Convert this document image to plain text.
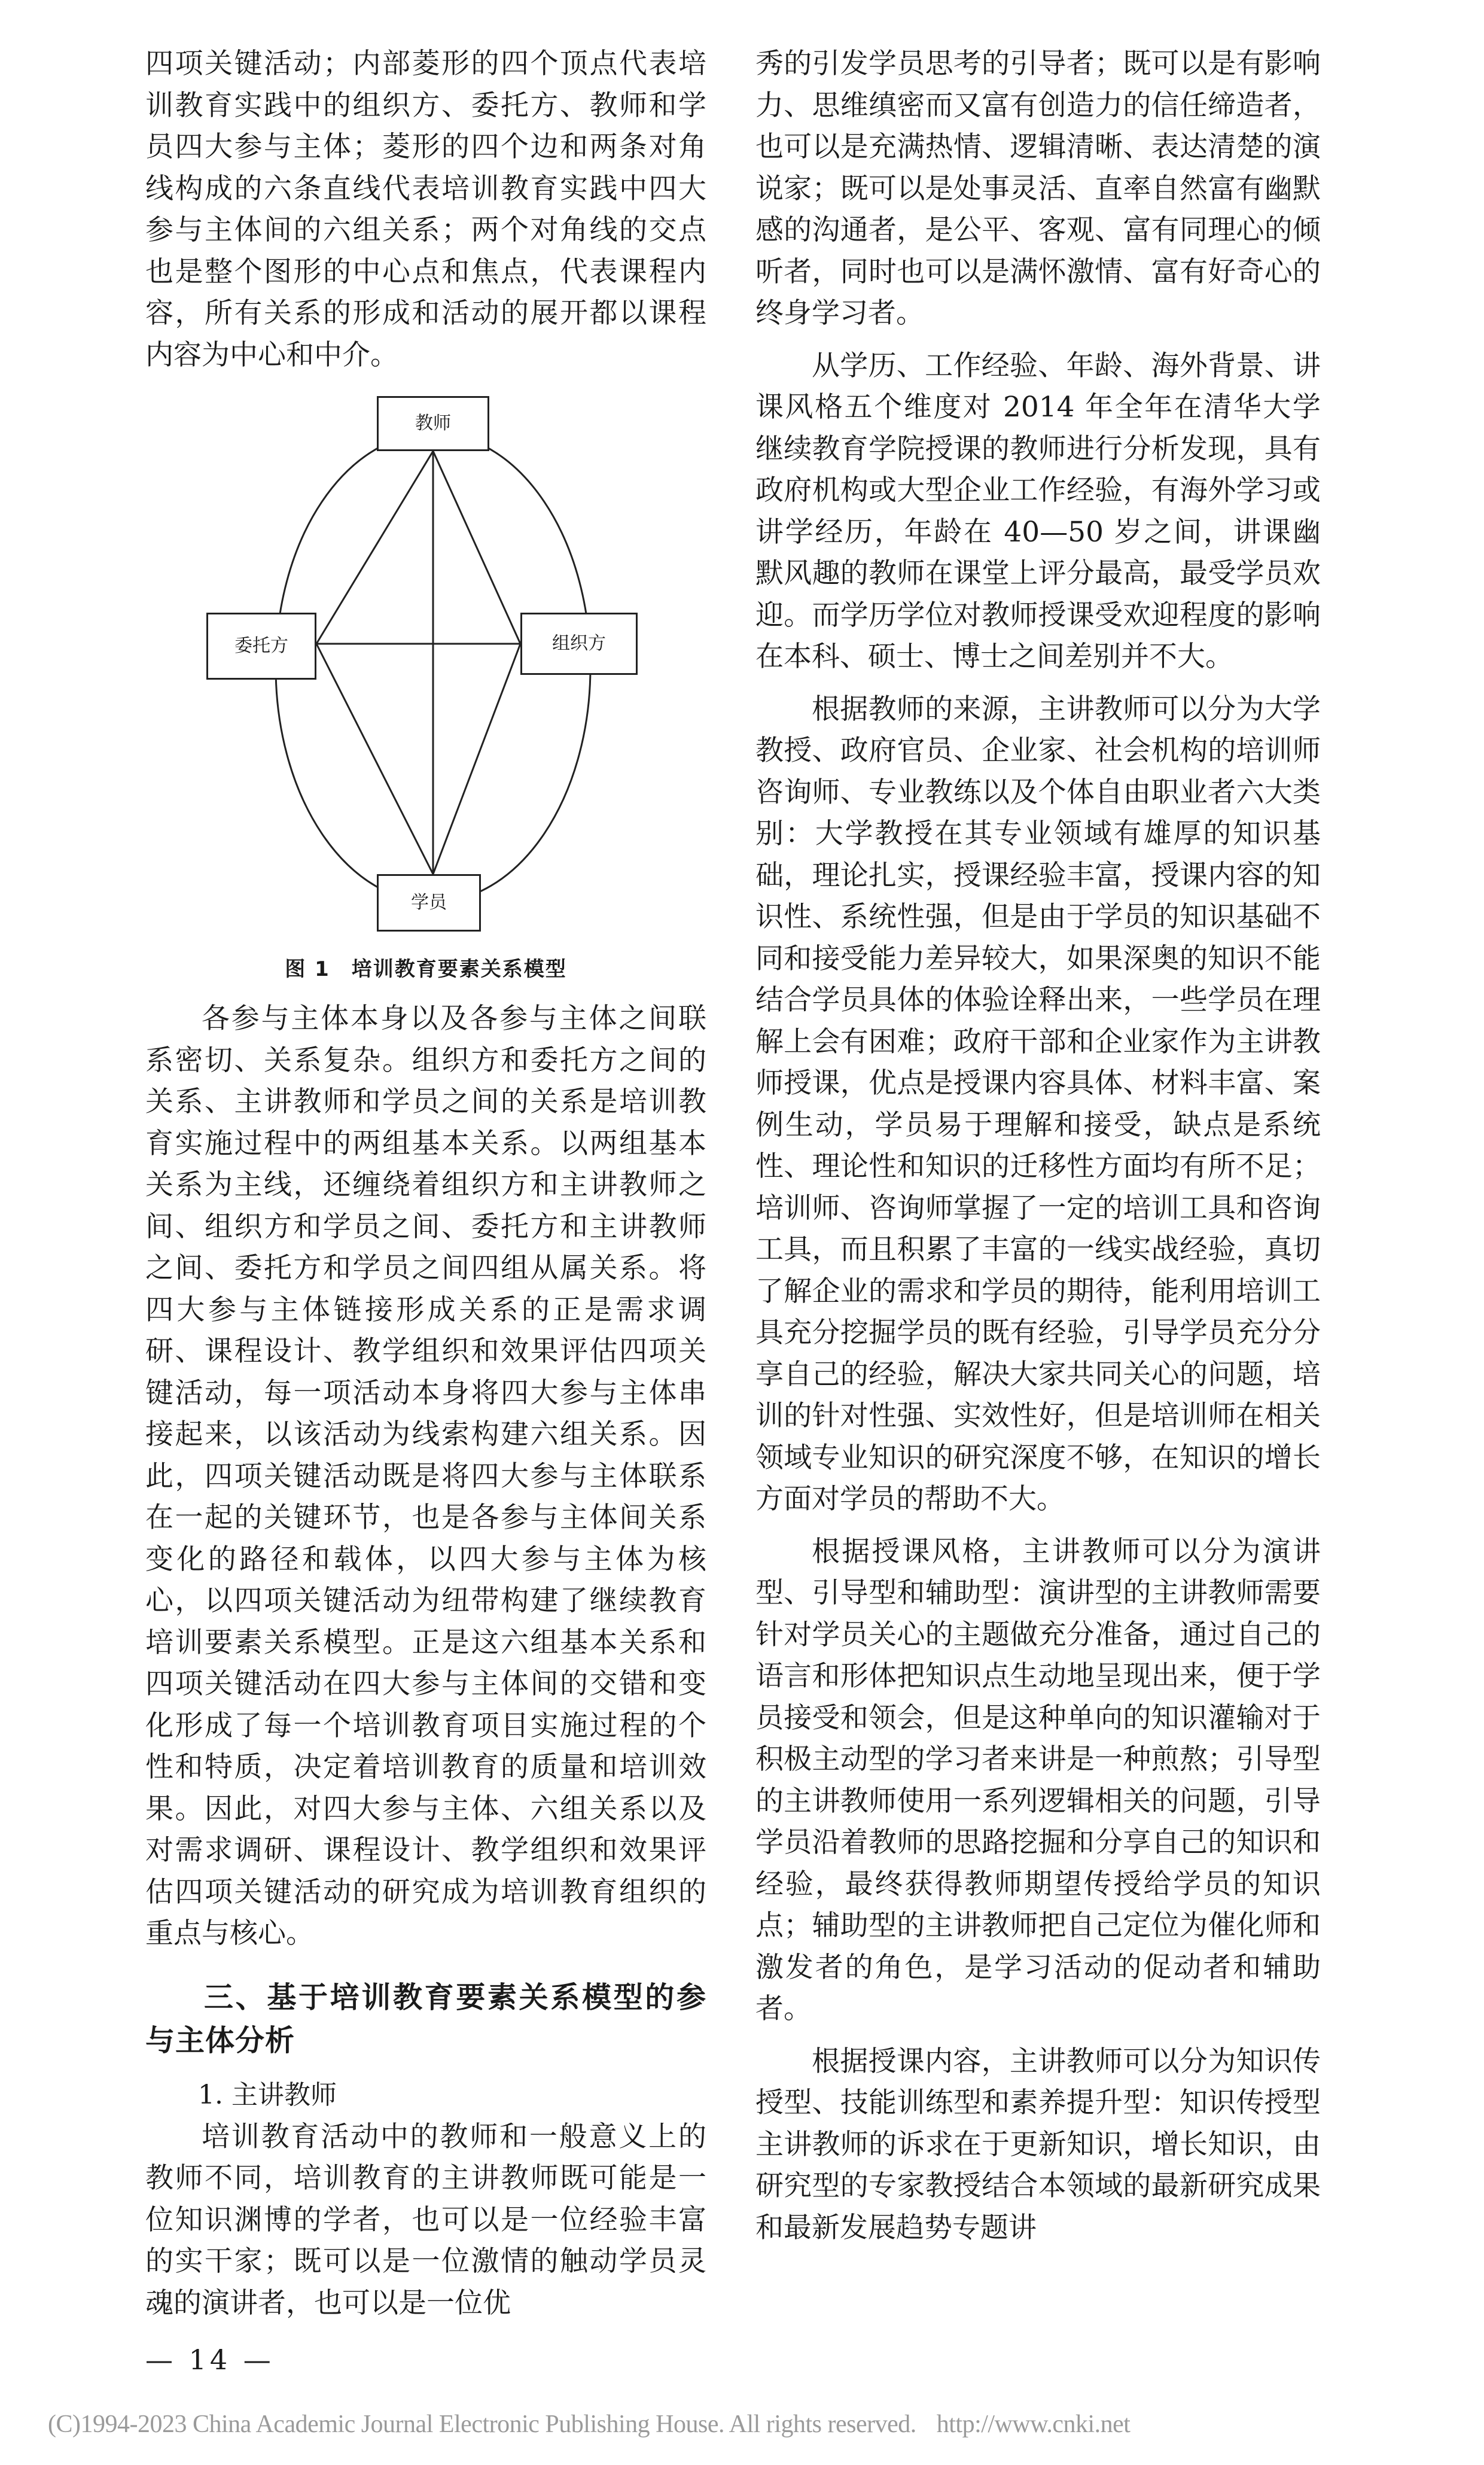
四项关键活动；内部菱形的四个顶点代表培训教育实践中的组织方、委托方、教师和学员四大参与主体；菱形的四个边和两条对角线构成的六条直线代表培训教育实践中四大参与主体间的六组关系；两个对角线的交点也是整个图形的中心点和焦点，代表课程内容，所有关系的形成和活动的展开都以课程内容为中心和中介。

教师
委托方	组织方
学员
图 1　培训教育要素关系模型

各参与主体本身以及各参与主体之间联系密切、关系复杂。组织方和委托方之间的关系、主讲教师和学员之间的关系是培训教育实施过程中的两组基本关系。以两组基本关系为主线，还缠绕着组织方和主讲教师之间、组织方和学员之间、委托方和主讲教师之间、委托方和学员之间四组从属关系。将四大参与主体链接形成关系的正是需求调研、课程设计、教学组织和效果评估四项关键活动，每一项活动本身将四大参与主体串接起来，以该活动为线索构建六组关系。因此，四项关键活动既是将四大参与主体联系在一起的关键环节，也是各参与主体间关系变化的路径和载体，以四大参与主体为核心，以四项关键活动为纽带构建了继续教育培训要素关系模型。正是这六组基本关系和四项关键活动在四大参与主体间的交错和变化形成了每一个培训教育项目实施过程的个性和特质，决定着培训教育的质量和培训效果。因此，对四大参与主体、六组关系以及对需求调研、课程设计、教学组织和效果评估四项关键活动的研究成为培训教育组织的重点与核心。

三、基于培训教育要素关系模型的参与主体分析
1. 主讲教师

培训教育活动中的教师和一般意义上的教师不同，培训教育的主讲教师既可能是一位知识渊博的学者，也可以是一位经验丰富的实干家；既可以是一位激情的触动学员灵魂的演讲者，也可以是一位优

秀的引发学员思考的引导者；既可以是有影响力、思维缜密而又富有创造力的信任缔造者，也可以是充满热情、逻辑清晰、表达清楚的演说家；既可以是处事灵活、直率自然富有幽默感的沟通者，是公平、客观、富有同理心的倾听者，同时也可以是满怀激情、富有好奇心的终身学习者。

从学历、工作经验、年龄、海外背景、讲课风格五个维度对 2014 年全年在清华大学继续教育学院授课的教师进行分析发现，具有政府机构或大型企业工作经验，有海外学习或讲学经历，年龄在 40—50 岁之间，讲课幽默风趣的教师在课堂上评分最高，最受学员欢迎。而学历学位对教师授课受欢迎程度的影响在本科、硕士、博士之间差别并不大。

根据教师的来源，主讲教师可以分为大学教授、政府官员、企业家、社会机构的培训师咨询师、专业教练以及个体自由职业者六大类别：大学教授在其专业领域有雄厚的知识基础，理论扎实，授课经验丰富，授课内容的知识性、系统性强，但是由于学员的知识基础不同和接受能力差异较大，如果深奥的知识不能结合学员具体的体验诠释出来，一些学员在理解上会有困难；政府干部和企业家作为主讲教师授课，优点是授课内容具体、材料丰富、案例生动，学员易于理解和接受，缺点是系统性、理论性和知识的迁移性方面均有所不足；培训师、咨询师掌握了一定的培训工具和咨询工具，而且积累了丰富的一线实战经验，真切了解企业的需求和学员的期待，能利用培训工具充分挖掘学员的既有经验，引导学员充分分享自己的经验，解决大家共同关心的问题，培训的针对性强、实效性好，但是培训师在相关领域专业知识的研究深度不够，在知识的增长方面对学员的帮助不大。

根据授课风格，主讲教师可以分为演讲型、引导型和辅助型：演讲型的主讲教师需要针对学员关心的主题做充分准备，通过自己的语言和形体把知识点生动地呈现出来，便于学员接受和领会，但是这种单向的知识灌输对于积极主动型的学习者来讲是一种煎熬；引导型的主讲教师使用一系列逻辑相关的问题，引导学员沿着教师的思路挖掘和分享自己的知识和经验，最终获得教师期望传授给学员的知识点；辅助型的主讲教师把自己定位为催化师和激发者的角色，是学习活动的促动者和辅助者。

根据授课内容，主讲教师可以分为知识传授型、技能训练型和素养提升型：知识传授型主讲教师的诉求在于更新知识，增长知识，由研究型的专家教授结合本领域的最新研究成果和最新发展趋势专题讲

— 14 —
(C)1994-2023 China Academic Journal Electronic Publishing House. All rights reserved. http://www.cnki.net
